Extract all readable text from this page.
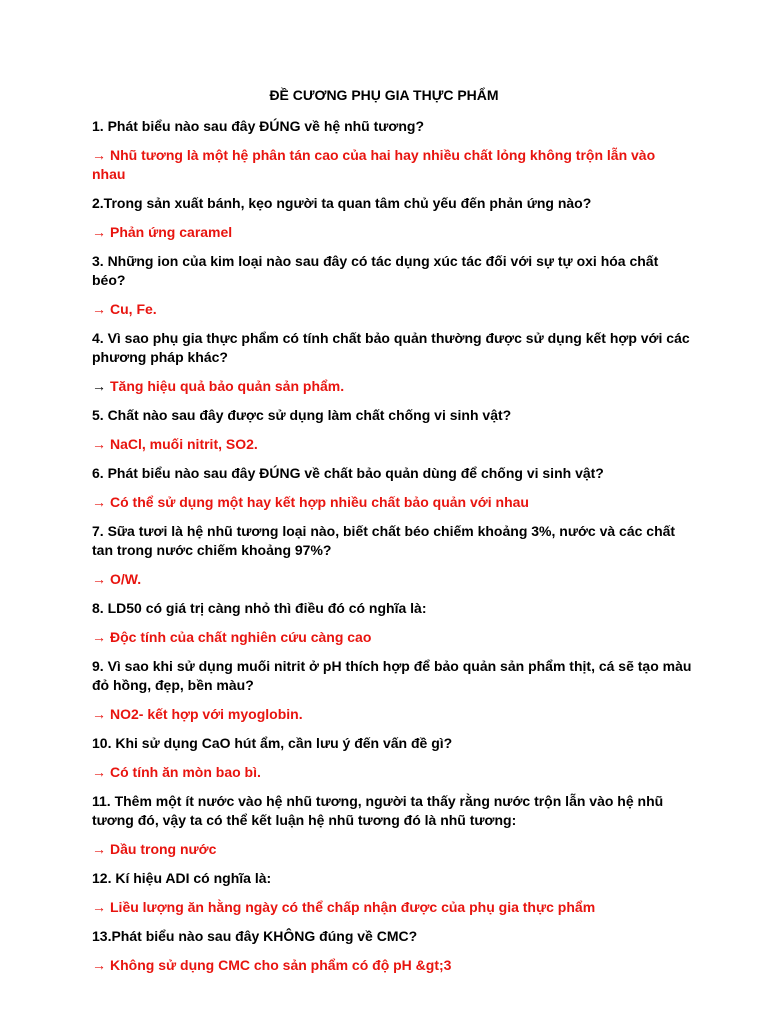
ĐỀ CƯƠNG PHỤ GIA THỰC PHẨM
1. Phát biểu nào sau đây ĐÚNG về hệ nhũ tương?
→ Nhũ tương là một hệ phân tán cao của hai hay nhiều chất lỏng không trộn lẫn vào nhau
2.Trong sản xuất bánh, kẹo người ta quan tâm chủ yếu đến phản ứng nào?
→ Phản ứng caramel
3. Những ion của kim loại nào sau đây có tác dụng xúc tác đối với sự tự oxi hóa chất béo?
→ Cu, Fe.
4. Vì sao phụ gia thực phẩm có tính chất bảo quản thường được sử dụng kết hợp với các
phương pháp khác?
→ Tăng hiệu quả bảo quản sản phẩm.
5. Chất nào sau đây được sử dụng làm chất chống vi sinh vật?
→ NaCl, muối nitrit, SO2.
6. Phát biểu nào sau đây ĐÚNG về chất bảo quản dùng để chống vi sinh vật?
→ Có thể sử dụng một hay kết hợp nhiều chất bảo quản với nhau
7. Sữa tươi là hệ nhũ tương loại nào, biết chất béo chiếm khoảng 3%, nước và các chất
tan trong nước chiếm khoảng 97%?
→ O/W.
8. LD50 có giá trị càng nhỏ thì điều đó có nghĩa là:
→ Độc tính của chất nghiên cứu càng cao
9. Vì sao khi sử dụng muối nitrit ở pH thích hợp để bảo quản sản phẩm thịt, cá sẽ tạo màu
đỏ hồng, đẹp, bền màu?
→ NO2- kết hợp với myoglobin.
10. Khi sử dụng CaO hút ẩm, cần lưu ý đến vấn đề gì?
→ Có tính ăn mòn bao bì.
11. Thêm một ít nước vào hệ nhũ tương, người ta thấy rằng nước trộn lẫn vào hệ nhũ
tương đó, vậy ta có thể kết luận hệ nhũ tương đó là nhũ tương:
→ Dầu trong nước
12. Kí hiệu ADI có nghĩa là:
→ Liều lượng ăn hằng ngày có thể chấp nhận được của phụ gia thực phẩm
13.Phát biểu nào sau đây KHÔNG đúng về CMC?
→ Không sử dụng CMC cho sản phẩm có độ pH &gt;3
